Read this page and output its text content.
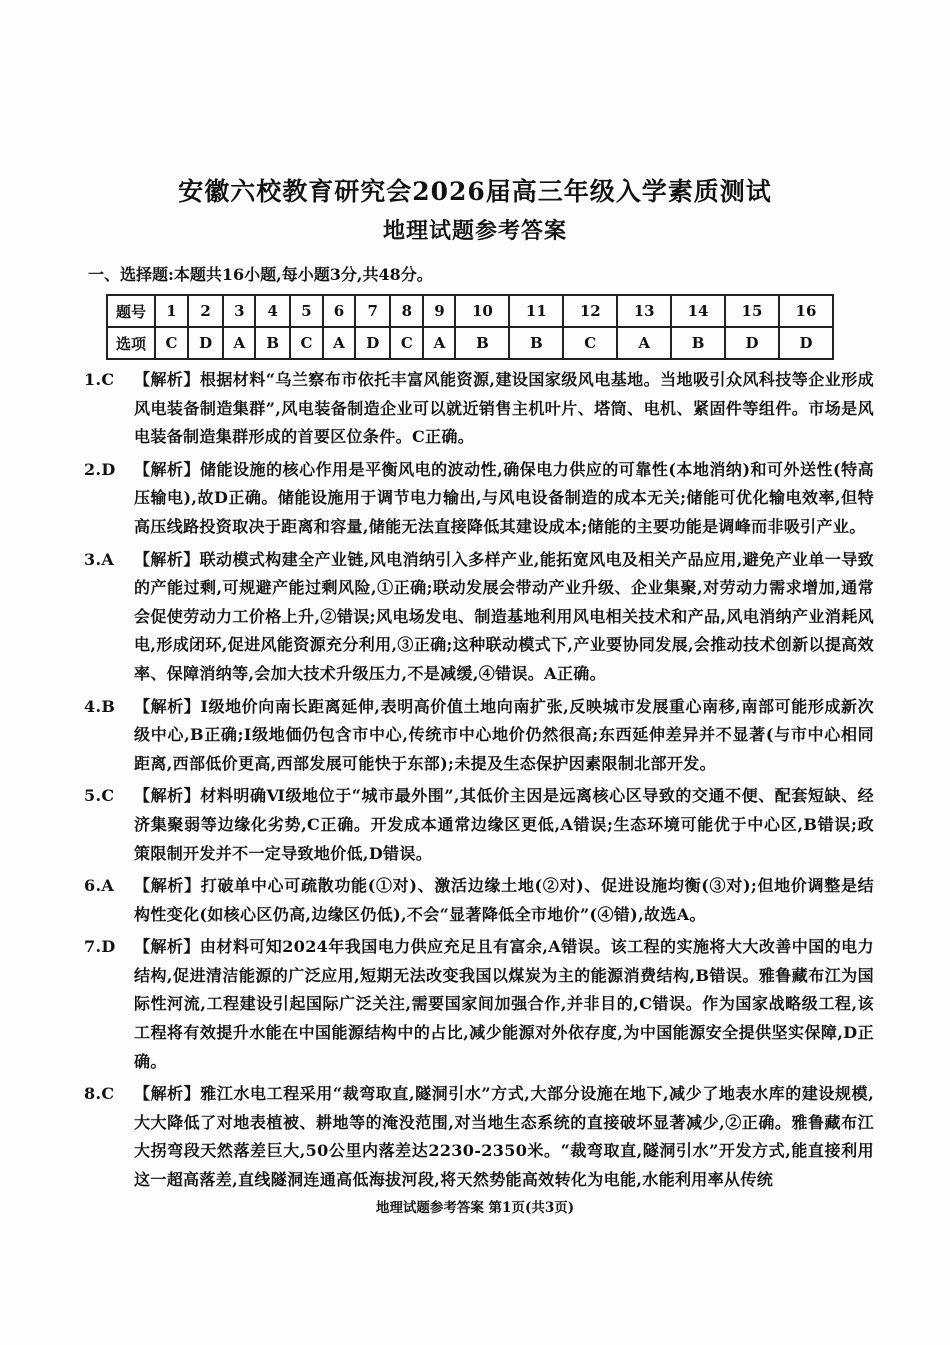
安徽六校教育研究会2026届高三年级入学素质测试
地理试题参考答案
一、选择题:本题共16小题,每小题3分,共48分。
题号	1	2	3	4	5	6	7	8	9	10	11	12	13	14	15	16
选项	C	D	A	B	C	A	D	C	A	B	B	C	A	B	D	D
1.C	【解析】根据材料“乌兰察布市依托丰富风能资源,建设国家级风电基地。当地吸引众风科技等企业形成风电装备制造集群”,风电装备制造企业可以就近销售主机叶片、塔筒、电机、紧固件等组件。市场是风电装备制造集群形成的首要区位条件。C正确。
2.D	【解析】储能设施的核心作用是平衡风电的波动性,确保电力供应的可靠性(本地消纳)和可外送性(特高压输电),故D正确。储能设施用于调节电力输出,与风电设备制造的成本无关;储能可优化输电效率,但特高压线路投资取决于距离和容量,储能无法直接降低其建设成本;储能的主要功能是调峰而非吸引产业。
3.A	【解析】联动模式构建全产业链,风电消纳引入多样产业,能拓宽风电及相关产品应用,避免产业单一导致的产能过剩,可规避产能过剩风险,①正确;联动发展会带动产业升级、企业集聚,对劳动力需求增加,通常会促使劳动力工价格上升,②错误;风电场发电、制造基地利用风电相关技术和产品,风电消纳产业消耗风电,形成闭环,促进风能资源充分利用,③正确;这种联动模式下,产业要协同发展,会推动技术创新以提高效率、保障消纳等,会加大技术升级压力,不是减缓,④错误。A正确。
4.B	【解析】I级地价向南长距离延伸,表明高价值土地向南扩张,反映城市发展重心南移,南部可能形成新次级中心,B正确;I级地価仍包含市中心,传统市中心地价仍然很高;东西延伸差异并不显著(与市中心相同距离,西部低价更高,西部发展可能快于东部);未提及生态保护因素限制北部开发。
5.C	【解析】材料明确Ⅵ级地位于“城市最外围”,其低价主因是远离核心区导致的交通不便、配套短缺、经济集聚弱等边缘化劣势,C正确。开发成本通常边缘区更低,A错误;生态环境可能优于中心区,B错误;政策限制开发并不一定导致地价低,D错误。
6.A	【解析】打破单中心可疏散功能(①对)、激活边缘土地(②对)、促进设施均衡(③对);但地价调整是结构性变化(如核心区仍高,边缘区仍低),不会“显著降低全市地价”(④错),故选A。
7.D	【解析】由材料可知2024年我国电力供应充足且有富余,A错误。该工程的实施将大大改善中国的电力结构,促进清洁能源的广泛应用,短期无法改变我国以煤炭为主的能源消费结构,B错误。雅鲁藏布江为国际性河流,工程建设引起国际广泛关注,需要国家间加强合作,并非目的,C错误。作为国家战略级工程,该工程将有效提升水能在中国能源结构中的占比,减少能源对外依存度,为中国能源安全提供坚实保障,D正确。
8.C	【解析】雅江水电工程采用“裁弯取直,隧洞引水”方式,大部分设施在地下,减少了地表水库的建设规模,大大降低了对地表植被、耕地等的淹没范围,对当地生态系统的直接破坏显著减少,②正确。雅鲁藏布江大拐弯段天然落差巨大,50公里内落差达2230-2350米。“裁弯取直,隧洞引水”开发方式,能直接利用这一超高落差,直线隧洞连通高低海拔河段,将天然势能高效转化为电能,水能利用率从传统
地理试题参考答案 第1页(共3页)
